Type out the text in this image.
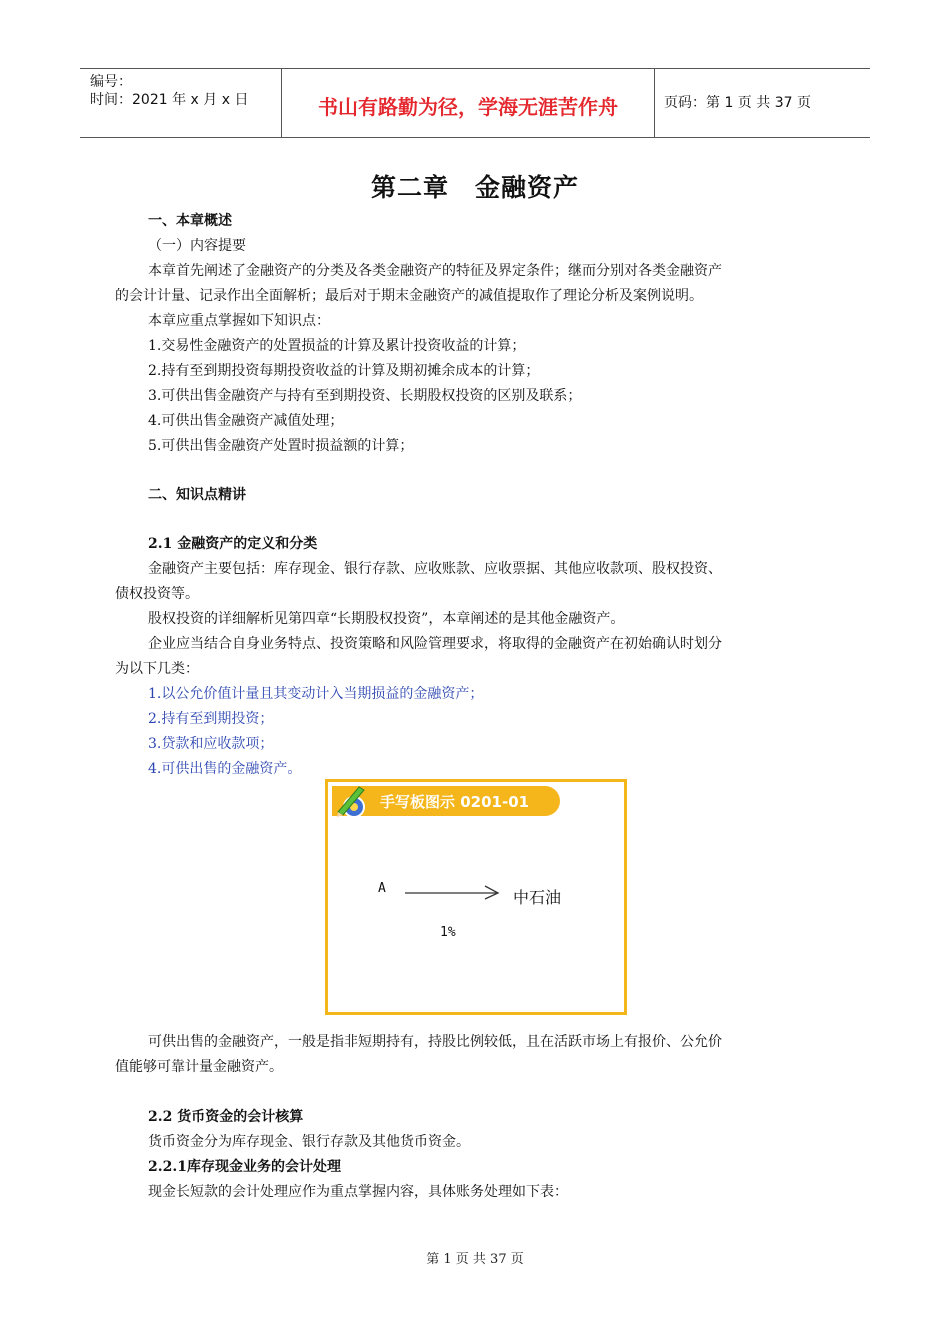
编号：
时间：2021 年 x 月 x 日	书山有路勤为径，学海无涯苦作舟	页码：第 1 页 共 37 页
第二章　金融资产
一、本章概述
（一）内容提要
本章首先阐述了金融资产的分类及各类金融资产的特征及界定条件；继而分别对各类金融资产
的会计计量、记录作出全面解析；最后对于期末金融资产的减值提取作了理论分析及案例说明。
本章应重点掌握如下知识点：
1.交易性金融资产的处置损益的计算及累计投资收益的计算；
2.持有至到期投资每期投资收益的计算及期初摊余成本的计算；
3.可供出售金融资产与持有至到期投资、长期股权投资的区别及联系；
4.可供出售金融资产减值处理；
5.可供出售金融资产处置时损益额的计算；
二、知识点精讲
2.1 金融资产的定义和分类
金融资产主要包括：库存现金、银行存款、应收账款、应收票据、其他应收款项、股权投资、
债权投资等。
股权投资的详细解析见第四章“长期股权投资”，本章阐述的是其他金融资产。
企业应当结合自身业务特点、投资策略和风险管理要求，将取得的金融资产在初始确认时划分
为以下几类：
1.以公允价值计量且其变动计入当期损益的金融资产；
2.持有至到期投资；
3.贷款和应收款项；
4.可供出售的金融资产。
手写板图示 0201-01
A	中石油
1%
可供出售的金融资产，一般是指非短期持有，持股比例较低，且在活跃市场上有报价、公允价
值能够可靠计量金融资产。
2.2 货币资金的会计核算
货币资金分为库存现金、银行存款及其他货币资金。
2.2.1库存现金业务的会计处理
现金长短款的会计处理应作为重点掌握内容，具体账务处理如下表：
第 1 页 共 37 页
